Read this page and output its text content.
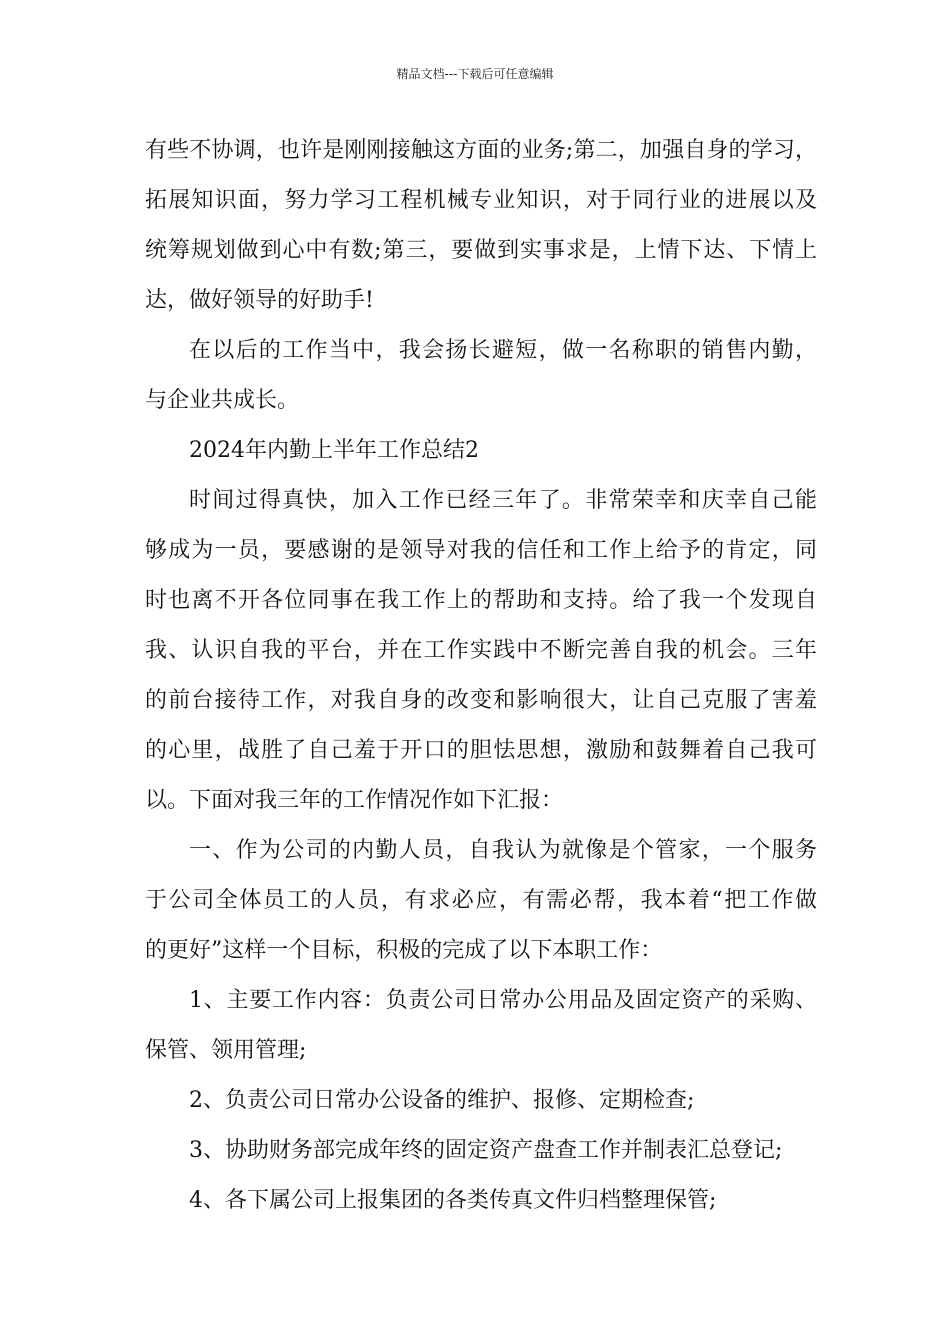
精品文档---下载后可任意编辑
有些不协调，也许是刚刚接触这方面的业务;第二，加强自身的学习，
拓展知识面，努力学习工程机械专业知识，对于同行业的进展以及
统筹规划做到心中有数;第三，要做到实事求是，上情下达、下情上
达，做好领导的好助手!
在以后的工作当中，我会扬长避短，做一名称职的销售内勤，
与企业共成长。
2024年内勤上半年工作总结2
时间过得真快，加入工作已经三年了。非常荣幸和庆幸自己能
够成为一员，要感谢的是领导对我的信任和工作上给予的肯定，同
时也离不开各位同事在我工作上的帮助和支持。给了我一个发现自
我、认识自我的平台，并在工作实践中不断完善自我的机会。三年
的前台接待工作，对我自身的改变和影响很大，让自己克服了害羞
的心里，战胜了自己羞于开口的胆怯思想，激励和鼓舞着自己我可
以。下面对我三年的工作情况作如下汇报：
一、作为公司的内勤人员，自我认为就像是个管家，一个服务
于公司全体员工的人员，有求必应，有需必帮，我本着“把工作做
的更好”这样一个目标，积极的完成了以下本职工作：
1、主要工作内容：负责公司日常办公用品及固定资产的采购、
保管、领用管理;
2、负责公司日常办公设备的维护、报修、定期检查;
3、协助财务部完成年终的固定资产盘查工作并制表汇总登记;
4、各下属公司上报集团的各类传真文件归档整理保管;
